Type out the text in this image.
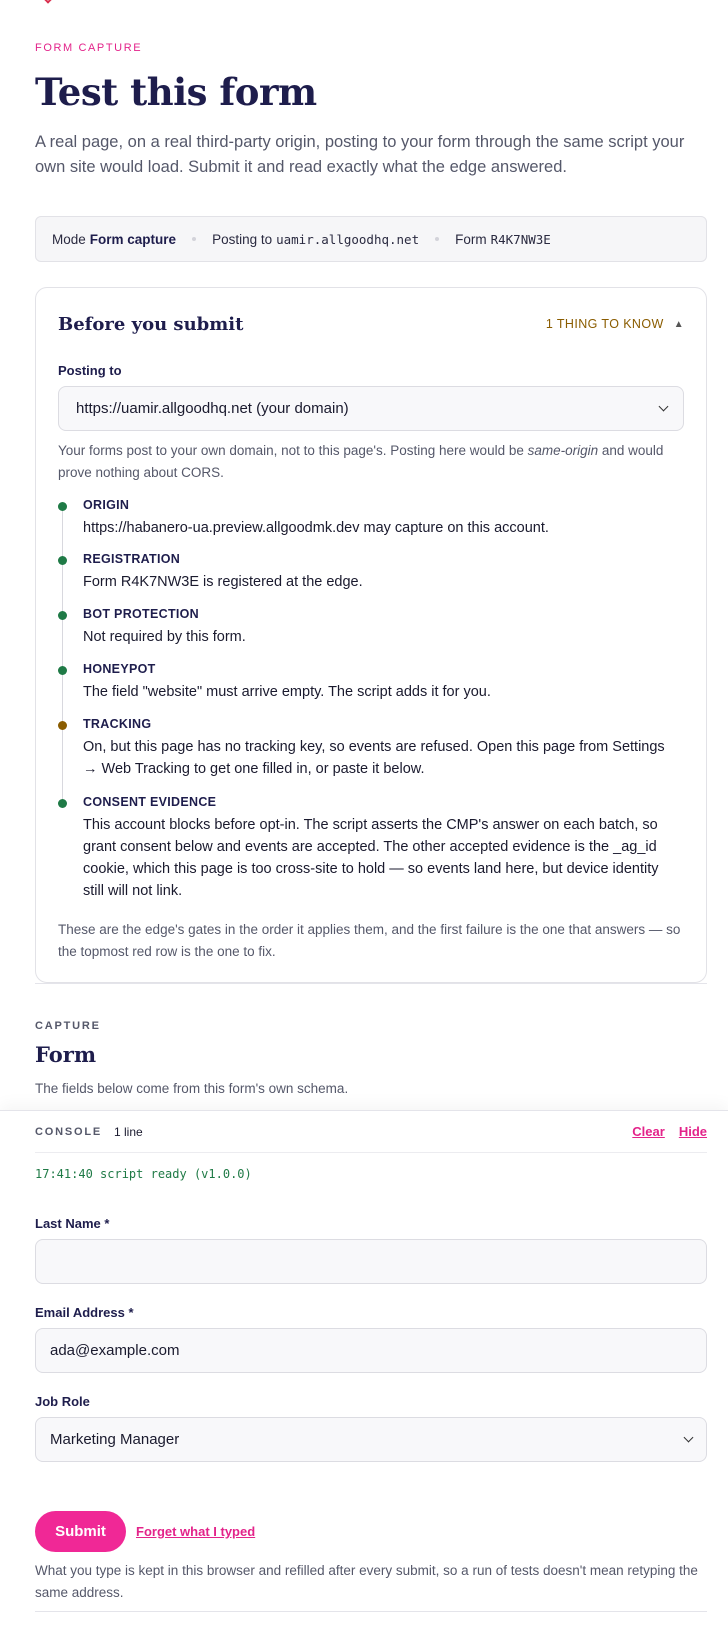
FORM CAPTURE
Test this form

A real page, on a real third-party origin, posting to your form through the same script your own site would load. Submit it and read exactly what the edge answered.

Mode Form capture	Posting to uamir.allgoodhq.net	Form R4K7NW3E
Before you submit	1 THING TO KNOW ▲
Posting to
https://uamir.allgoodhq.net (your domain)

Your forms post to your own domain, not to this page's. Posting here would be same-origin and would prove nothing about CORS.

ORIGIN
https://habanero-ua.preview.allgoodmk.dev may capture on this account.
REGISTRATION
Form R4K7NW3E is registered at the edge.
BOT PROTECTION
Not required by this form.
HONEYPOT
The field "website" must arrive empty. The script adds it for you.
TRACKING
On, but this page has no tracking key, so events are refused. Open this page from Settings → Web Tracking to get one filled in, or paste it below.
CONSENT EVIDENCE
This account blocks before opt-in. The script asserts the CMP's answer on each batch, so grant consent below and events are accepted. The other accepted evidence is the _ag_id cookie, which this page is too cross-site to hold — so events land here, but device identity still will not link.

These are the edge's gates in the order it applies them, and the first failure is the one that answers — so the topmost red row is the one to fix.

CAPTURE
Form

The fields below come from this form's own schema.

CONSOLE 1 line	Clear Hide
17:41:40 script ready (v1.0.0)
Last Name *
Email Address *
ada@example.com
Job Role
Marketing Manager
Submit	Forget what I typed

What you type is kept in this browser and refilled after every submit, so a run of tests doesn't mean retyping the same address.
